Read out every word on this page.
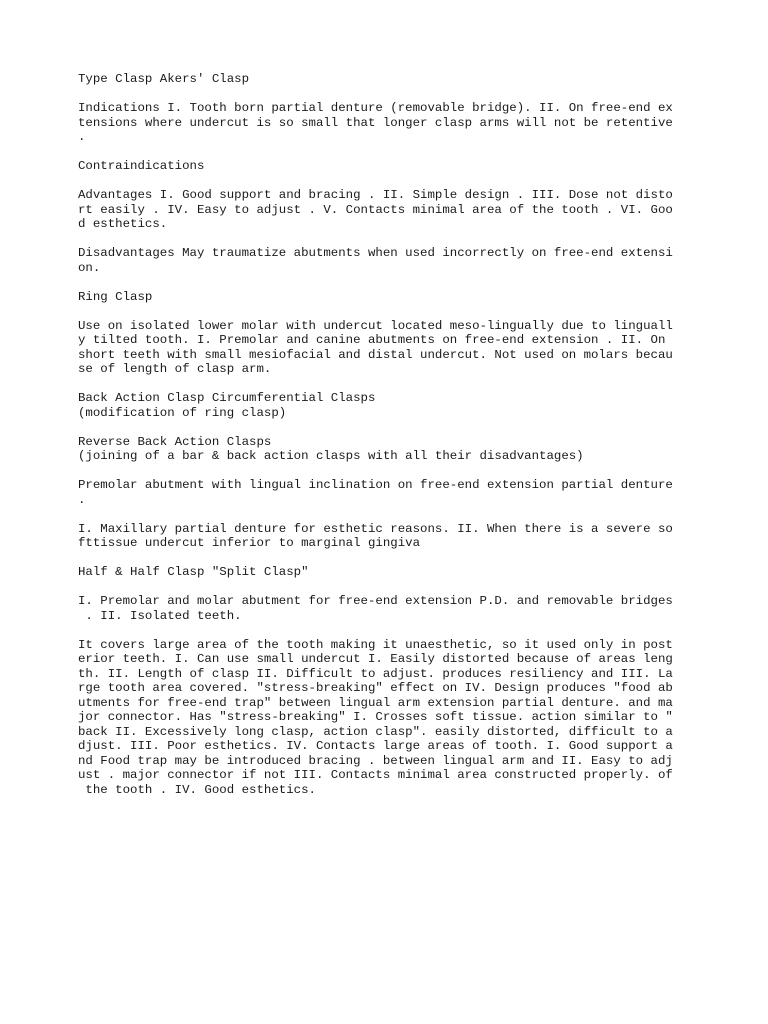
Type Clasp Akers' Clasp
Indications I. Tooth born partial denture (removable bridge). II. On free-end ex
tensions where undercut is so small that longer clasp arms will not be retentive
.
Contraindications
Advantages I. Good support and bracing . II. Simple design . III. Dose not disto
rt easily . IV. Easy to adjust . V. Contacts minimal area of the tooth . VI. Goo
d esthetics.
Disadvantages May traumatize abutments when used incorrectly on free-end extensi
on.
Ring Clasp
Use on isolated lower molar with undercut located meso-lingually due to linguall
y tilted tooth. I. Premolar and canine abutments on free-end extension . II. On
short teeth with small mesiofacial and distal undercut. Not used on molars becau
se of length of clasp arm.
Back Action Clasp Circumferential Clasps
(modification of ring clasp)
Reverse Back Action Clasps
(joining of a bar & back action clasps with all their disadvantages)
Premolar abutment with lingual inclination on free-end extension partial denture
.
I. Maxillary partial denture for esthetic reasons. II. When there is a severe so
fttissue undercut inferior to marginal gingiva
Half & Half Clasp "Split Clasp"
I. Premolar and molar abutment for free-end extension P.D. and removable bridges
. II. Isolated teeth.
It covers large area of the tooth making it unaesthetic, so it used only in post
erior teeth. I. Can use small undercut I. Easily distorted because of areas leng
th. II. Length of clasp II. Difficult to adjust. produces resiliency and III. La
rge tooth area covered. "stress-breaking" effect on IV. Design produces "food ab
utments for free-end trap" between lingual arm extension partial denture. and ma
jor connector. Has "stress-breaking" I. Crosses soft tissue. action similar to "
back II. Excessively long clasp, action clasp". easily distorted, difficult to a
djust. III. Poor esthetics. IV. Contacts large areas of tooth. I. Good support a
nd Food trap may be introduced bracing . between lingual arm and II. Easy to adj
ust . major connector if not III. Contacts minimal area constructed properly. of
the tooth . IV. Good esthetics.
